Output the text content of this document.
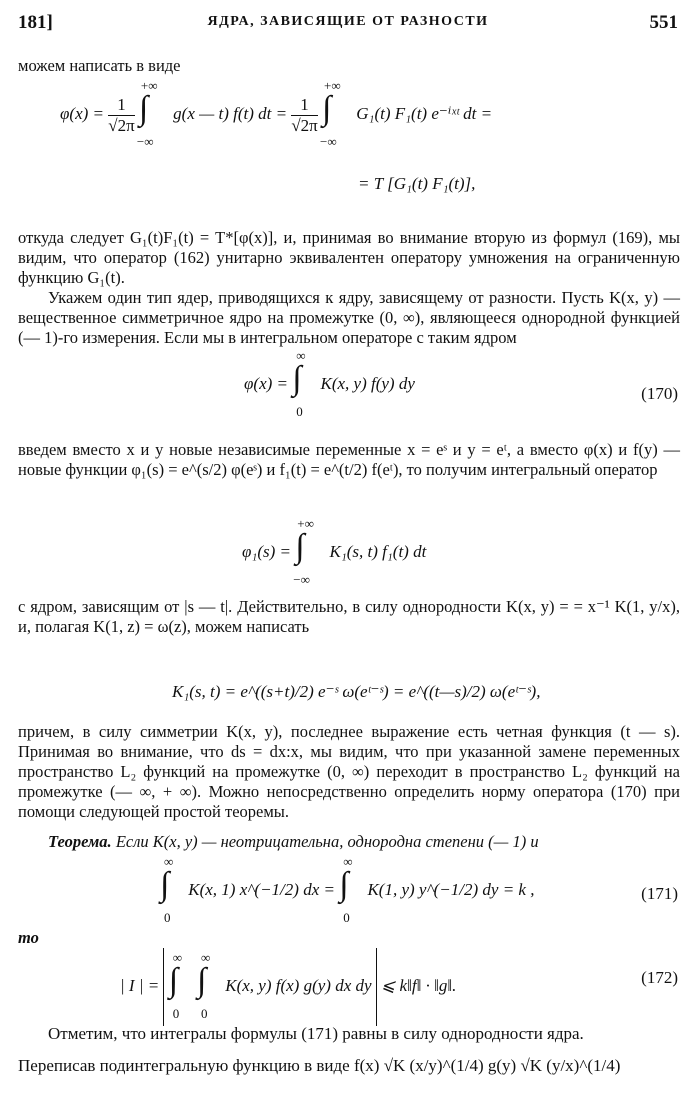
181]	ЯДРА, ЗАВИСЯЩИЕ ОТ РАЗНОСТИ	551
можем написать в виде
$\varphi(x) = \frac{1}{√2\pi}$ ∫
+∞
−∞
g(x — t) f(t) dt = $\frac{1}{√2\pi}$ ∫
+∞
−∞
G₁(t) F₁(t) e⁻ⁱˣᵗ dt =
= T [G₁(t) F₁(t)],
откуда следует G₁(t)F₁(t) = T*[φ(x)], и, принимая во внимание вторую из формул (169), мы видим, что оператор (162) унитарно эквивалентен оператору умножения на ограниченную функцию G₁(t).
Укажем один тип ядер, приводящихся к ядру, зависящему от разности. Пусть K(x, y) — вещественное симметричное ядро на промежутке (0, ∞), являющееся однородной функцией (— 1)-го измерения. Если мы в интегральном операторе с таким ядром
φ(x) = ∫
∞
0
K(x, y) f(y) dy
(170)
введем вместо x и y новые независимые переменные x = eˢ и y = eᵗ, а вместо φ(x) и f(y) — новые функции φ₁(s) = e^(s/2) φ(eˢ) и f₁(t) = e^(t/2) f(eᵗ), то получим интегральный оператор
φ₁(s) = ∫
+∞
−∞
K₁(s, t) f₁(t) dt
с ядром, зависящим от |s — t|. Действительно, в силу однородности K(x, y) = = x⁻¹ K(1, y/x), и, полагая K(1, z) = ω(z), можем написать
K₁(s, t) = e^((s+t)/2) e⁻ˢ ω(eᵗ⁻ˢ) = e^((t—s)/2) ω(eᵗ⁻ˢ),
причем, в силу симметрии K(x, y), последнее выражение есть четная функция (t — s). Принимая во внимание, что ds = dx:x, мы видим, что при указанной замене переменных пространство L₂ функций на промежутке (0, ∞) переходит в пространство L₂ функций на промежутке (— ∞, + ∞). Можно непосредственно определить норму оператора (170) при помощи следующей простой теоремы.
Теорема. Если K(x, y) — неотрицательна, однородна степени (— 1) и
∫
∞
0
K(x, 1) x^(−1/2) dx = ∫
∞
0
K(1, y) y^(−1/2) dy = k ,	(171)
то
| I | = ∫
∞
0
∫
∞
0
K(x, y) f(x) g(y) dx dy ⩽ k‖f‖ · ‖g‖.	(172)
Отметим, что интегралы формулы (171) равны в силу однородности ядра.
Переписав подинтегральную функцию в виде f(x) √K (x/y)^(1/4) g(y) √K (y/x)^(1/4)
